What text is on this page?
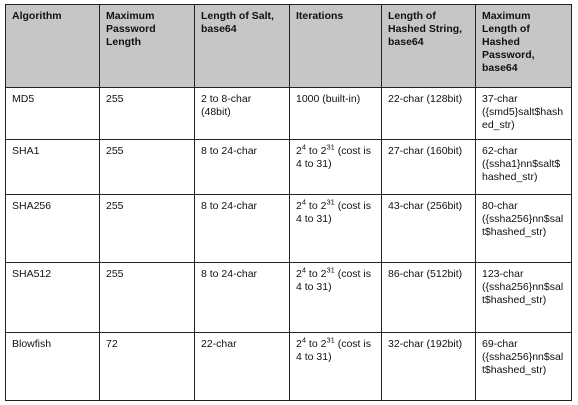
Algorithm	Maximum Password Length	Length of Salt, base64	Iterations	Length of Hashed String, base64	Maximum Length of Hashed Password, base64
MD5	255	2 to 8-char (48bit)	1000 (built-in)	22-char (128bit)	37-char ({smd5}salt$hashed_str)
SHA1	255	8 to 24-char	$2^4$ to $2^{31}$ (cost is 4 to 31)	27-char (160bit)	62-char ({ssha1}nn$salt$hashed_str)
SHA256	255	8 to 24-char	$2^4$ to $2^{31}$ (cost is 4 to 31)	43-char (256bit)	80-char ({ssha256}nn$salt$hashed_str)
SHA512	255	8 to 24-char	$2^4$ to $2^{31}$ (cost is 4 to 31)	86-char (512bit)	123-char ({ssha256}nn$salt$hashed_str)
Blowfish	72	22-char	$2^4$ to $2^{31}$ (cost is 4 to 31)	32-char (192bit)	69-char ({ssha256}nn$salt$hashed_str)
